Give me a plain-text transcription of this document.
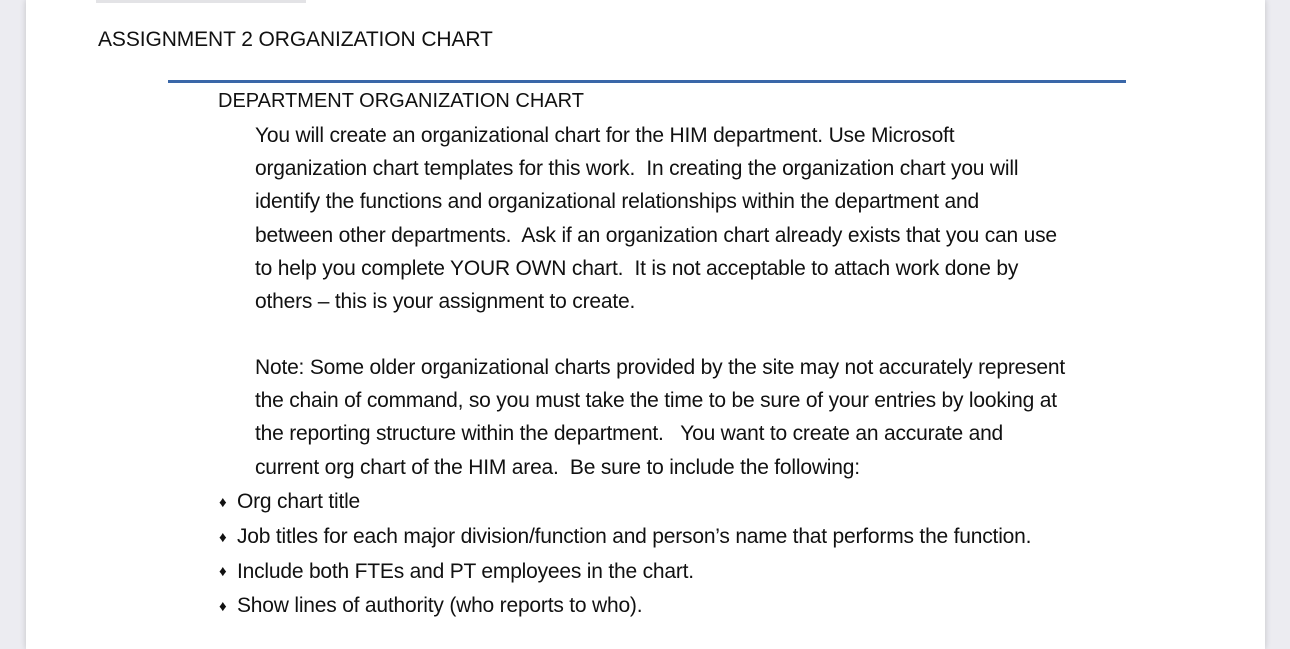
ASSIGNMENT 2 ORGANIZATION CHART
DEPARTMENT ORGANIZATION CHART

You will create an organizational chart for the HIM department. Use Microsoft
organization chart templates for this work.  In creating the organization chart you will
identify the functions and organizational relationships within the department and
between other departments.  Ask if an organization chart already exists that you can use
to help you complete YOUR OWN chart.  It is not acceptable to attach work done by
others – this is your assignment to create.

Note: Some older organizational charts provided by the site may not accurately represent
the chain of command, so you must take the time to be sure of your entries by looking at
the reporting structure within the department.   You want to create an accurate and
current org chart of the HIM area.  Be sure to include the following:

♦ Org chart title
♦ Job titles for each major division/function and person’s name that performs the function.
♦ Include both FTEs and PT employees in the chart.
♦ Show lines of authority (who reports to who).
